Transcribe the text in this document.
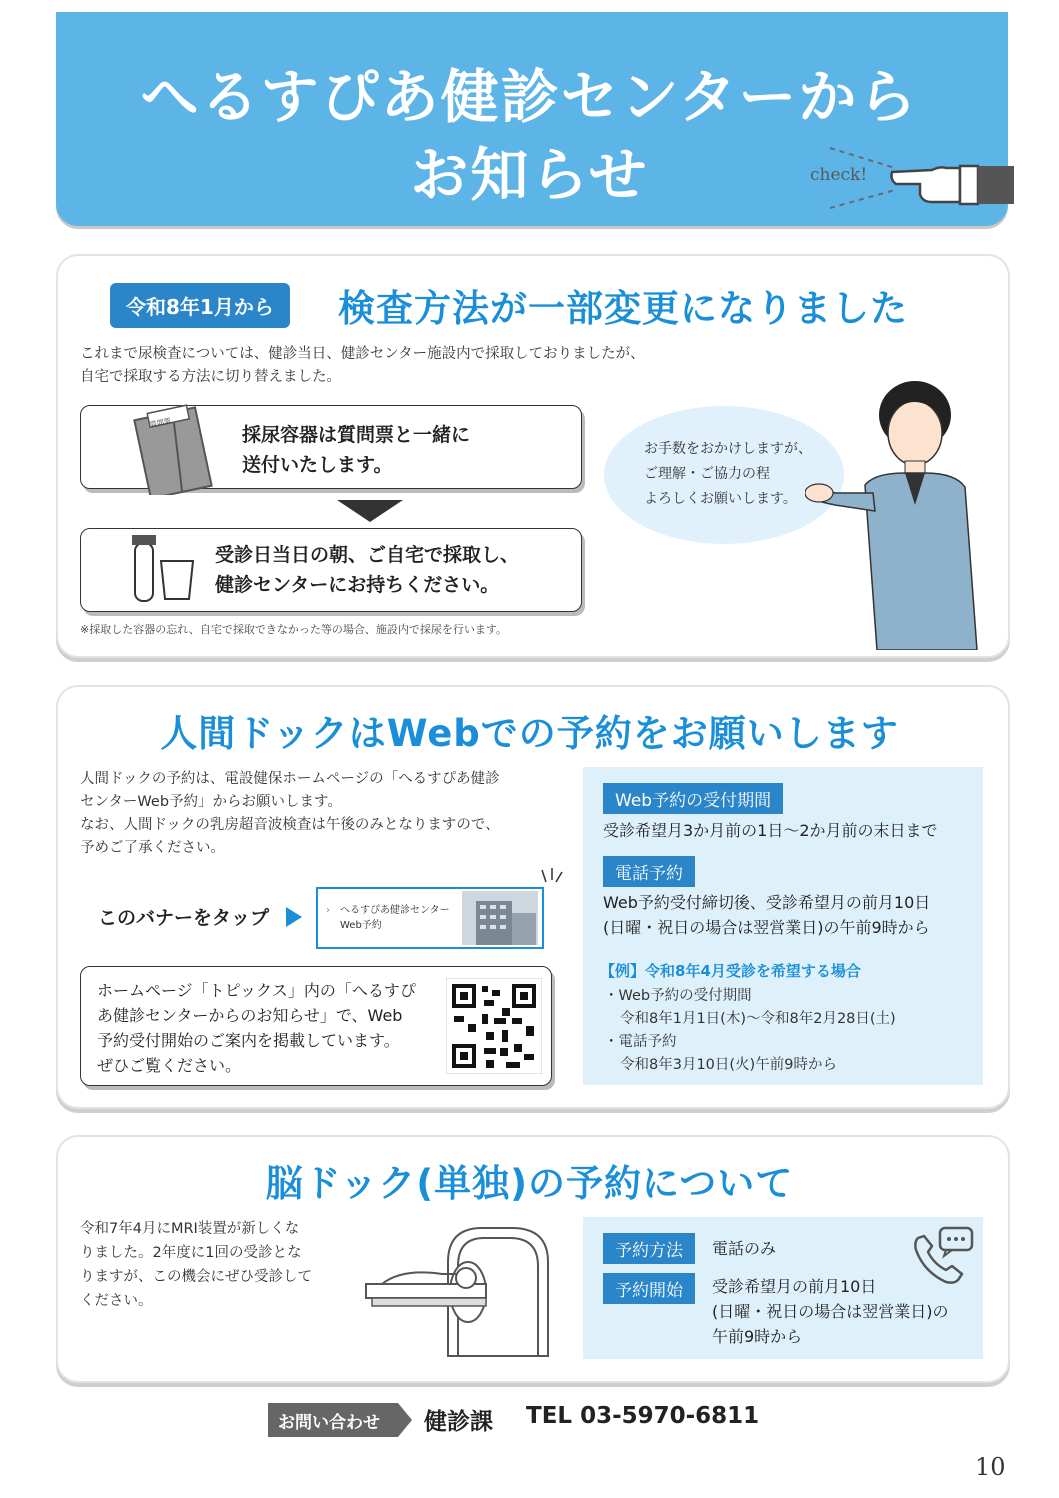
へるすぴあ健診センターから
お知らせ	check!
令和8年1月から	検査方法が一部変更になりました
これまで尿検査については、健診当日、健診センター施設内で採取しておりましたが、
自宅で採取する方法に切り替えました。
質問票
採尿容器は質問票と一緒に
送付いたします。
受診日当日の朝、ご自宅で採取し、
健診センターにお持ちください。
※採取した容器の忘れ、自宅で採取できなかった等の場合、施設内で採尿を行います。
お手数をおかけしますが、
ご理解・ご協力の程
よろしくお願いします。
人間ドックはWebでの予約をお願いします
人間ドックの予約は、電設健保ホームページの「へるすぴあ健診
センターWeb予約」からお願いします。
なお、人間ドックの乳房超音波検査は午後のみとなりますので、
予めご了承ください。
このバナーをタップ	› へるすぴあ健診センター
Web予約
ホームページ「トピックス」内の「へるすぴ
あ健診センターからのお知らせ」で、Web
予約受付開始のご案内を掲載しています。
ぜひご覧ください。
Web予約の受付期間
受診希望月3か月前の1日～2か月前の末日まで
電話予約
Web予約受付締切後、受診希望月の前月10日
(日曜・祝日の場合は翌営業日)の午前9時から
【例】令和8年4月受診を希望する場合
・Web予約の受付期間
令和8年1月1日(木)～令和8年2月28日(土)
・電話予約
令和8年3月10日(火)午前9時から
脳ドック(単独)の予約について
令和7年4月にMRI装置が新しくな
りました。2年度に1回の受診とな
りますが、この機会にぜひ受診して
ください。
予約方法	電話のみ
予約開始	受診希望月の前月10日
(日曜・祝日の場合は翌営業日)の
午前9時から
お問い合わせ 健診課 TEL 03-5970-6811
10
